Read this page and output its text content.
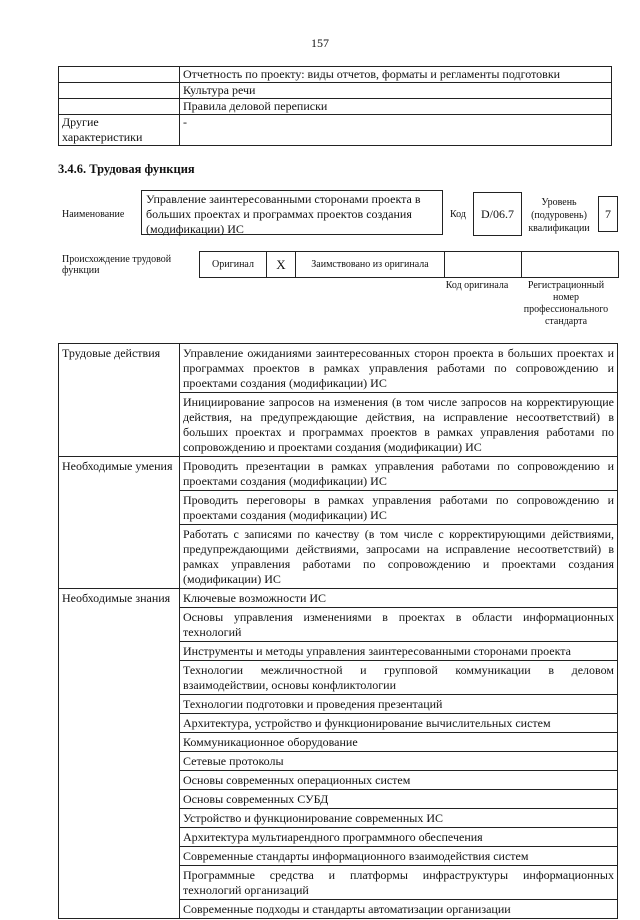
157
	Отчетность по проекту: виды отчетов, форматы и регламенты подготовки
	Культура речи
	Правила деловой переписки
Другие характеристики	-
3.4.6. Трудовая функция
Наименование
Управление заинтересованными сторонами проекта в больших проектах и программах проектов создания (модификации) ИС
Код	D/06.7
Уровень (подуровень) квалификации
7
Происхождение трудовой функции
Оригинал	X	Заимствовано из оригинала		
Код оригинала	Регистрационный номер профессионального стандарта
Трудовые действия	Управление ожиданиями заинтересованных сторон проекта в больших проектах и программах проектов в рамках управления работами по сопровождению и проектами создания (модификации) ИС
	Инициирование запросов на изменения (в том числе запросов на корректирующие действия, на предупреждающие действия, на исправление несоответствий) в больших проектах и программах проектов в рамках управления работами по сопровождению и проектами создания (модификации) ИС
Необходимые умения	Проводить презентации в рамках управления работами по сопровождению и проектами создания (модификации) ИС
	Проводить переговоры в рамках управления работами по сопровождению и проектами создания (модификации) ИС
	Работать с записями по качеству (в том числе с корректирующими действиями, предупреждающими действиями, запросами на исправление несоответствий) в рамках управления работами по сопровождению и проектами создания (модификации) ИС
Необходимые знания	Ключевые возможности ИС
	Основы управления изменениями в проектах в области информационных технологий
	Инструменты и методы управления заинтересованными сторонами проекта
	Технологии межличностной и групповой коммуникации в деловом взаимодействии, основы конфликтологии
	Технологии подготовки и проведения презентаций
	Архитектура, устройство и функционирование вычислительных систем
	Коммуникационное оборудование
	Сетевые протоколы
	Основы современных операционных систем
	Основы современных СУБД
	Устройство и функционирование современных ИС
	Архитектура мультиарендного программного обеспечения
	Современные стандарты информационного взаимодействия систем
	Программные средства и платформы инфраструктуры информационных технологий организаций
	Современные подходы и стандарты автоматизации организации
